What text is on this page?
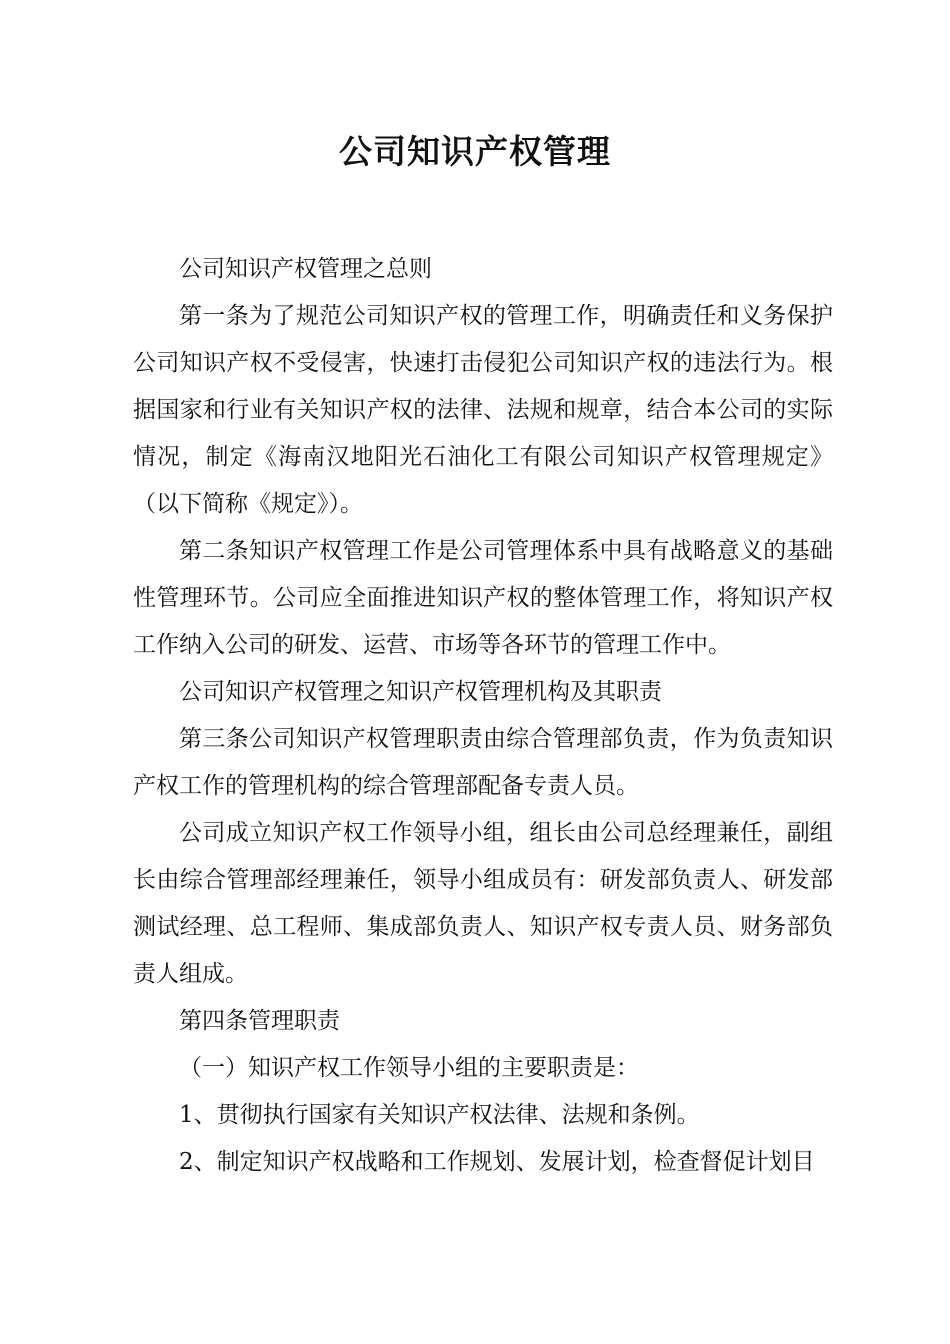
公司知识产权管理

公司知识产权管理之总则

第一条为了规范公司知识产权的管理工作，明确责任和义务保护公司知识产权不受侵害，快速打击侵犯公司知识产权的违法行为。根据国家和行业有关知识产权的法律、法规和规章，结合本公司的实际情况，制定《海南汉地阳光石油化工有限公司知识产权管理规定》（以下简称《规定》）。

第二条知识产权管理工作是公司管理体系中具有战略意义的基础性管理环节。公司应全面推进知识产权的整体管理工作，将知识产权工作纳入公司的研发、运营、市场等各环节的管理工作中。

公司知识产权管理之知识产权管理机构及其职责

第三条公司知识产权管理职责由综合管理部负责，作为负责知识产权工作的管理机构的综合管理部配备专责人员。

公司成立知识产权工作领导小组，组长由公司总经理兼任，副组长由综合管理部经理兼任，领导小组成员有：研发部负责人、研发部测试经理、总工程师、集成部负责人、知识产权专责人员、财务部负责人组成。

第四条管理职责

（一）知识产权工作领导小组的主要职责是：

1、贯彻执行国家有关知识产权法律、法规和条例。

2、制定知识产权战略和工作规划、发展计划，检查督促计划目
